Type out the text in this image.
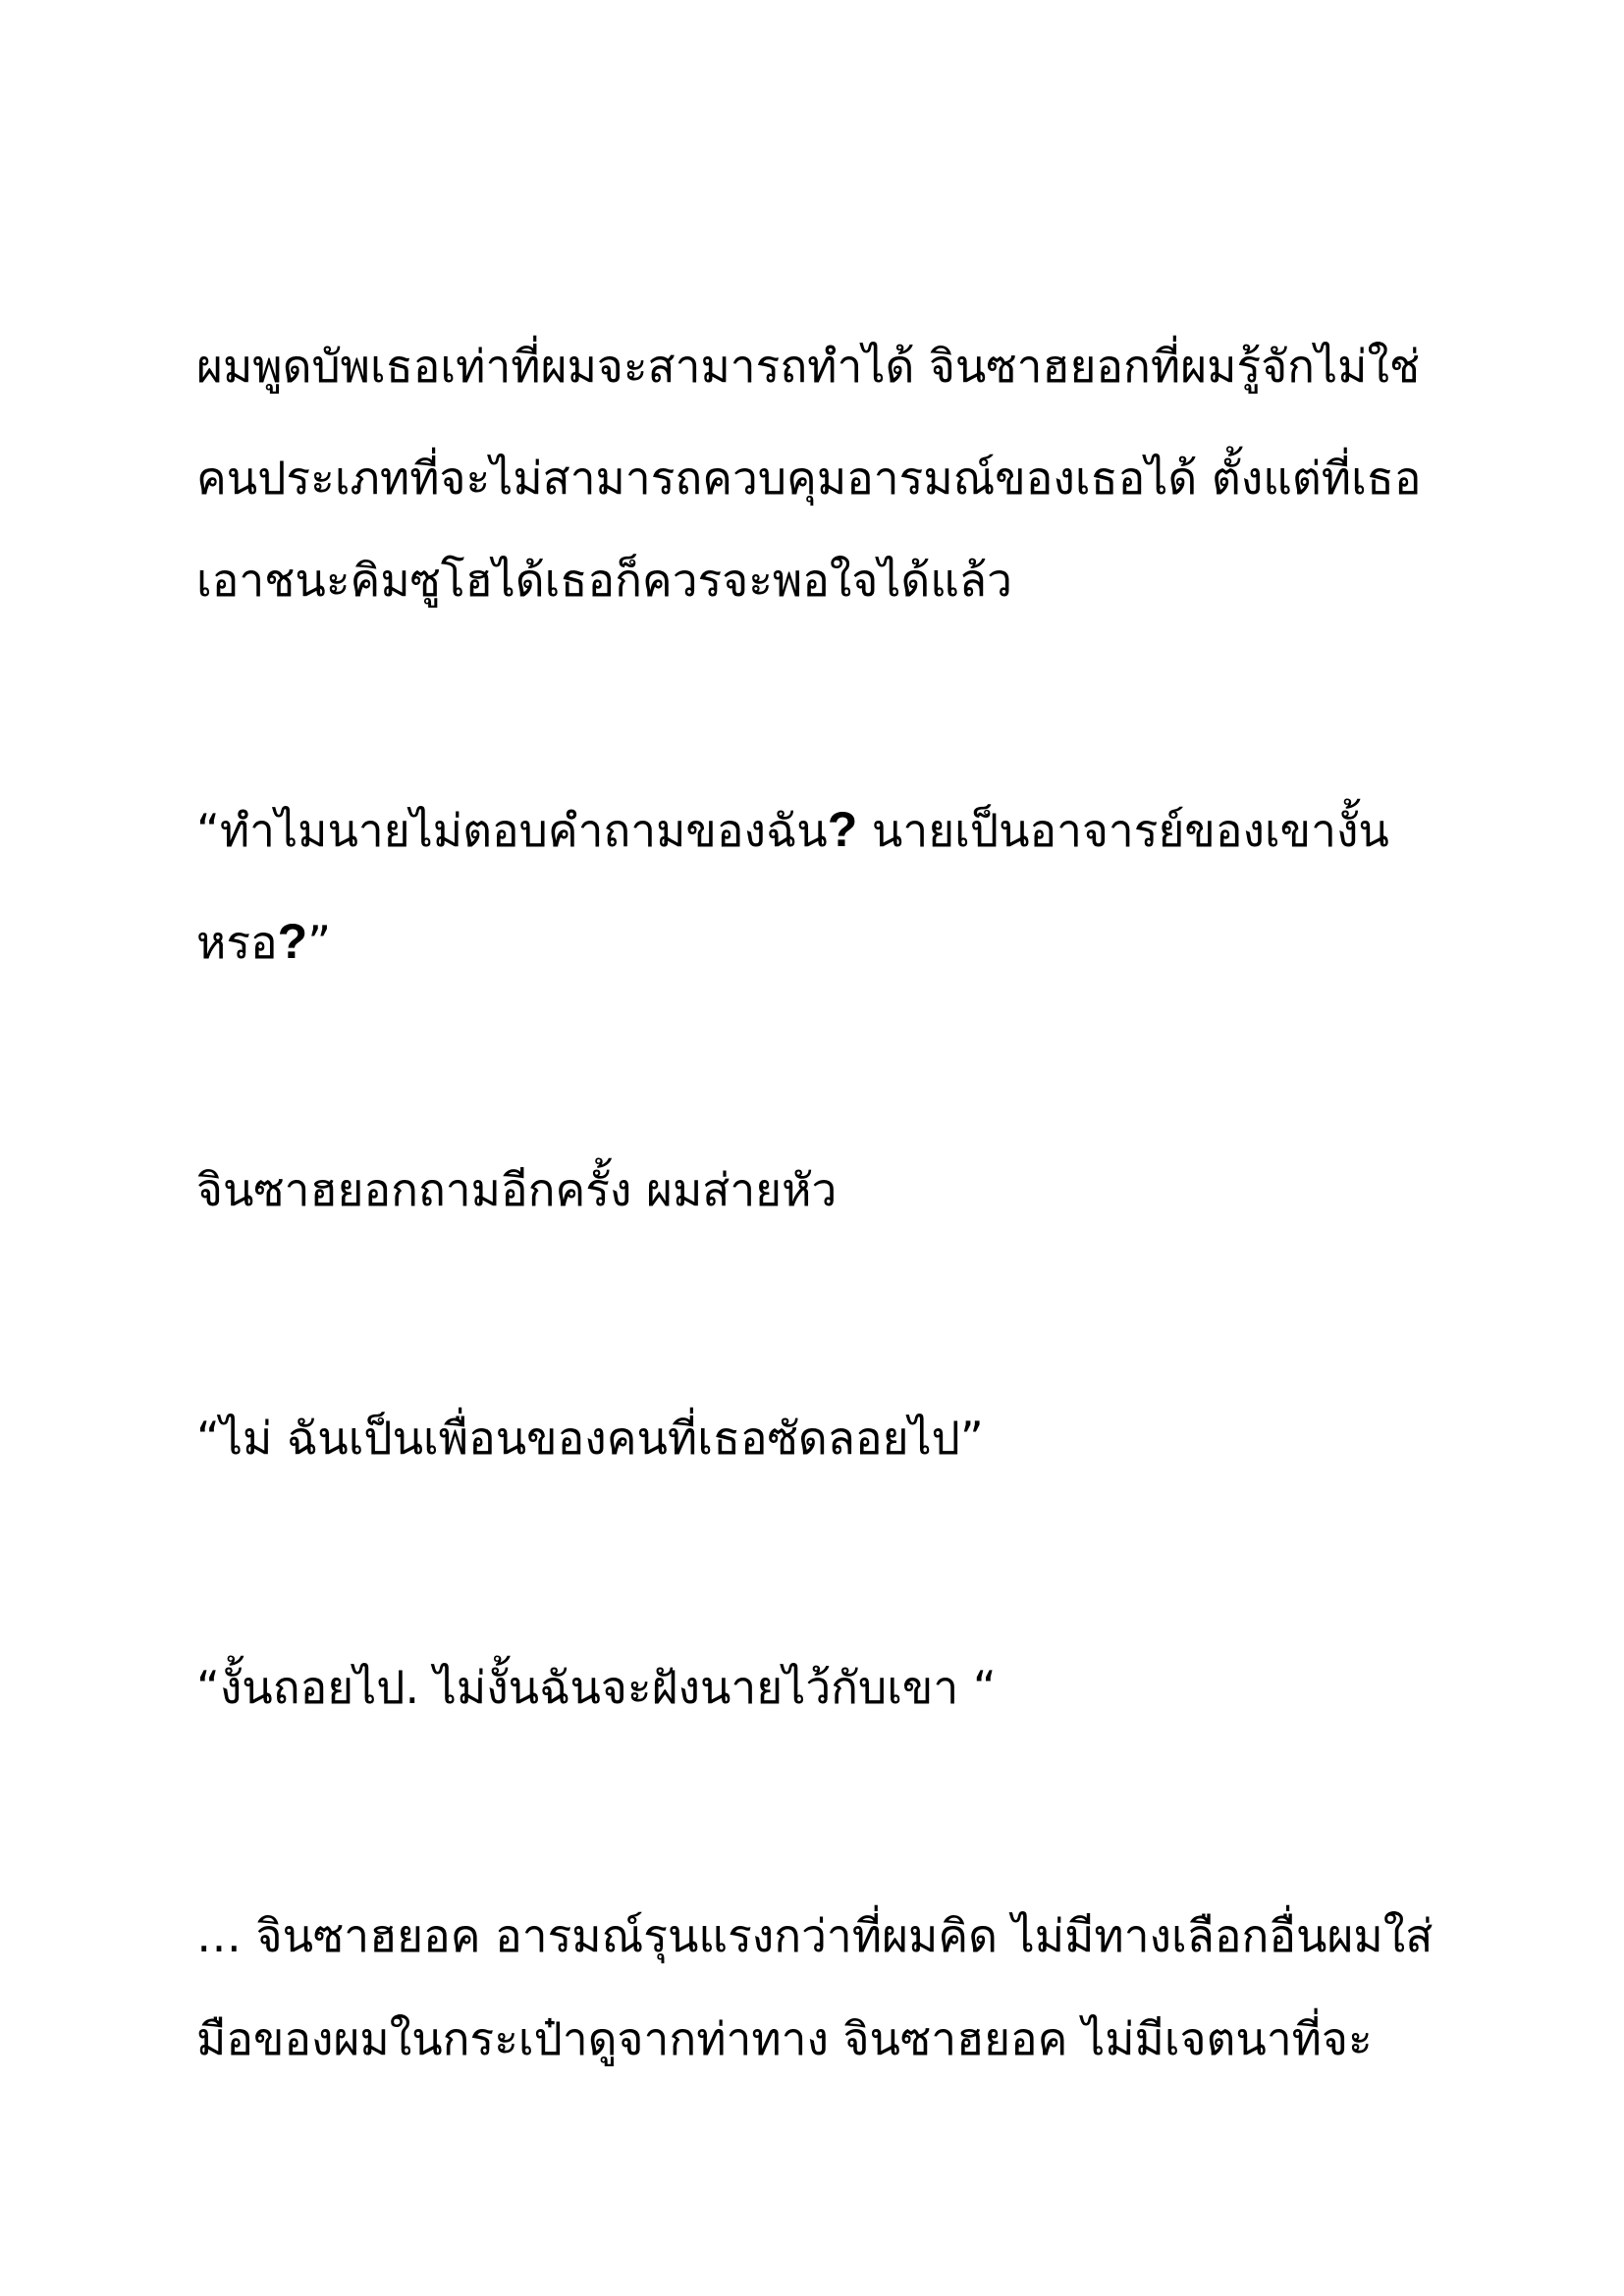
ผมพูดบัพเธอเท่าที่ผมจะสามารถทำได้ จินซาฮยอกที่ผมรู้จักไม่ใช่
คนประเภทที่จะไม่สามารถควบคุมอารมณ์ของเธอได้ ตั้งแต่ที่เธอ
เอาชนะคิมซูโฮได้เธอก็ควรจะพอใจได้แล้ว
“ทำไมนายไม่ตอบคำถามของฉัน? นายเป็นอาจารย์ของเขางั้น
หรอ?”
จินซาฮยอกถามอีกครั้ง ผมส่ายหัว
“ไม่ ฉันเป็นเพื่อนของคนที่เธอซัดลอยไป”
“งั้นถอยไป. ไม่งั้นฉันจะฝังนายไว้กับเขา “
… จินซาฮยอค อารมณ์รุนแรงกว่าที่ผมคิด ไม่มีทางเลือกอื่นผมใส่
มือของผมในกระเป๋าดูจากท่าทาง จินซาฮยอค ไม่มีเจตนาที่จะ
